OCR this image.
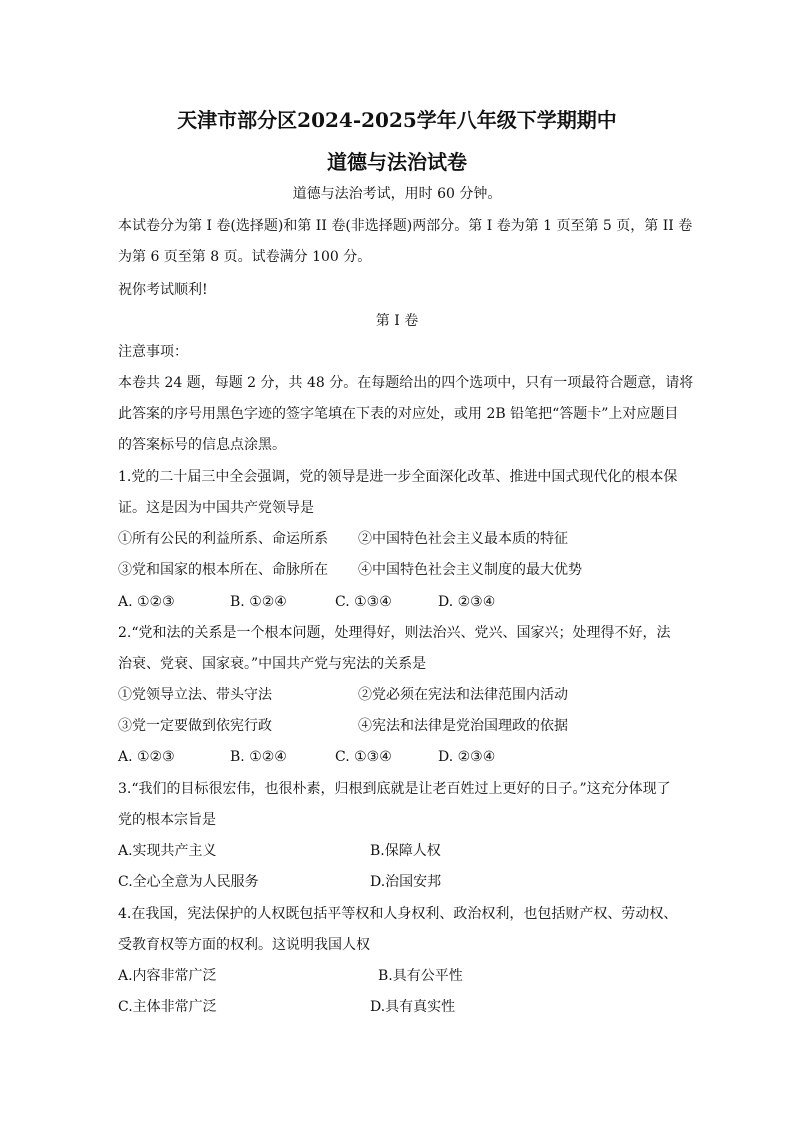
天津市部分区2024-2025学年八年级下学期期中
道德与法治试卷
道德与法治考试，用时 60 分钟。
本试卷分为第 I 卷(选择题)和第 II 卷(非选择题)两部分。第 I 卷为第 1 页至第 5 页，第 II 卷
为第 6 页至第 8 页。试卷满分 100 分。
祝你考试顺利!
第 I 卷
注意事项：
本卷共 24 题，每题 2 分，共 48 分。在每题给出的四个选项中，只有一项最符合题意，请将
此答案的序号用黑色字迹的签字笔填在下表的对应处，或用 2B 铅笔把“答题卡”上对应题目
的答案标号的信息点涂黑。
1.党的二十届三中全会强调，党的领导是进一步全面深化改革、推进中国式现代化的根本保
证。这是因为中国共产党领导是
①所有公民的利益所系、命运所系 ②中国特色社会主义最本质的特征
③党和国家的根本所在、命脉所在 ④中国特色社会主义制度的最大优势
A. ①②③	B. ①②④	C. ①③④	D. ②③④
2.“党和法的关系是一个根本问题，处理得好，则法治兴、党兴、国家兴；处理得不好，法
治衰、党衰、国家衰。”中国共产党与宪法的关系是
①党领导立法、带头守法	②党必须在宪法和法律范围内活动
③党一定要做到依宪行政	④宪法和法律是党治国理政的依据
A. ①②③	B. ①②④	C. ①③④	D. ②③④
3.“我们的目标很宏伟，也很朴素，归根到底就是让老百姓过上更好的日子。”这充分体现了
党的根本宗旨是
A.实现共产主义	B.保障人权
C.全心全意为人民服务	D.治国安邦
4.在我国，宪法保护的人权既包括平等权和人身权利、政治权利，也包括财产权、劳动权、
受教育权等方面的权利。这说明我国人权
A.内容非常广泛	B.具有公平性
C.主体非常广泛	D.具有真实性
